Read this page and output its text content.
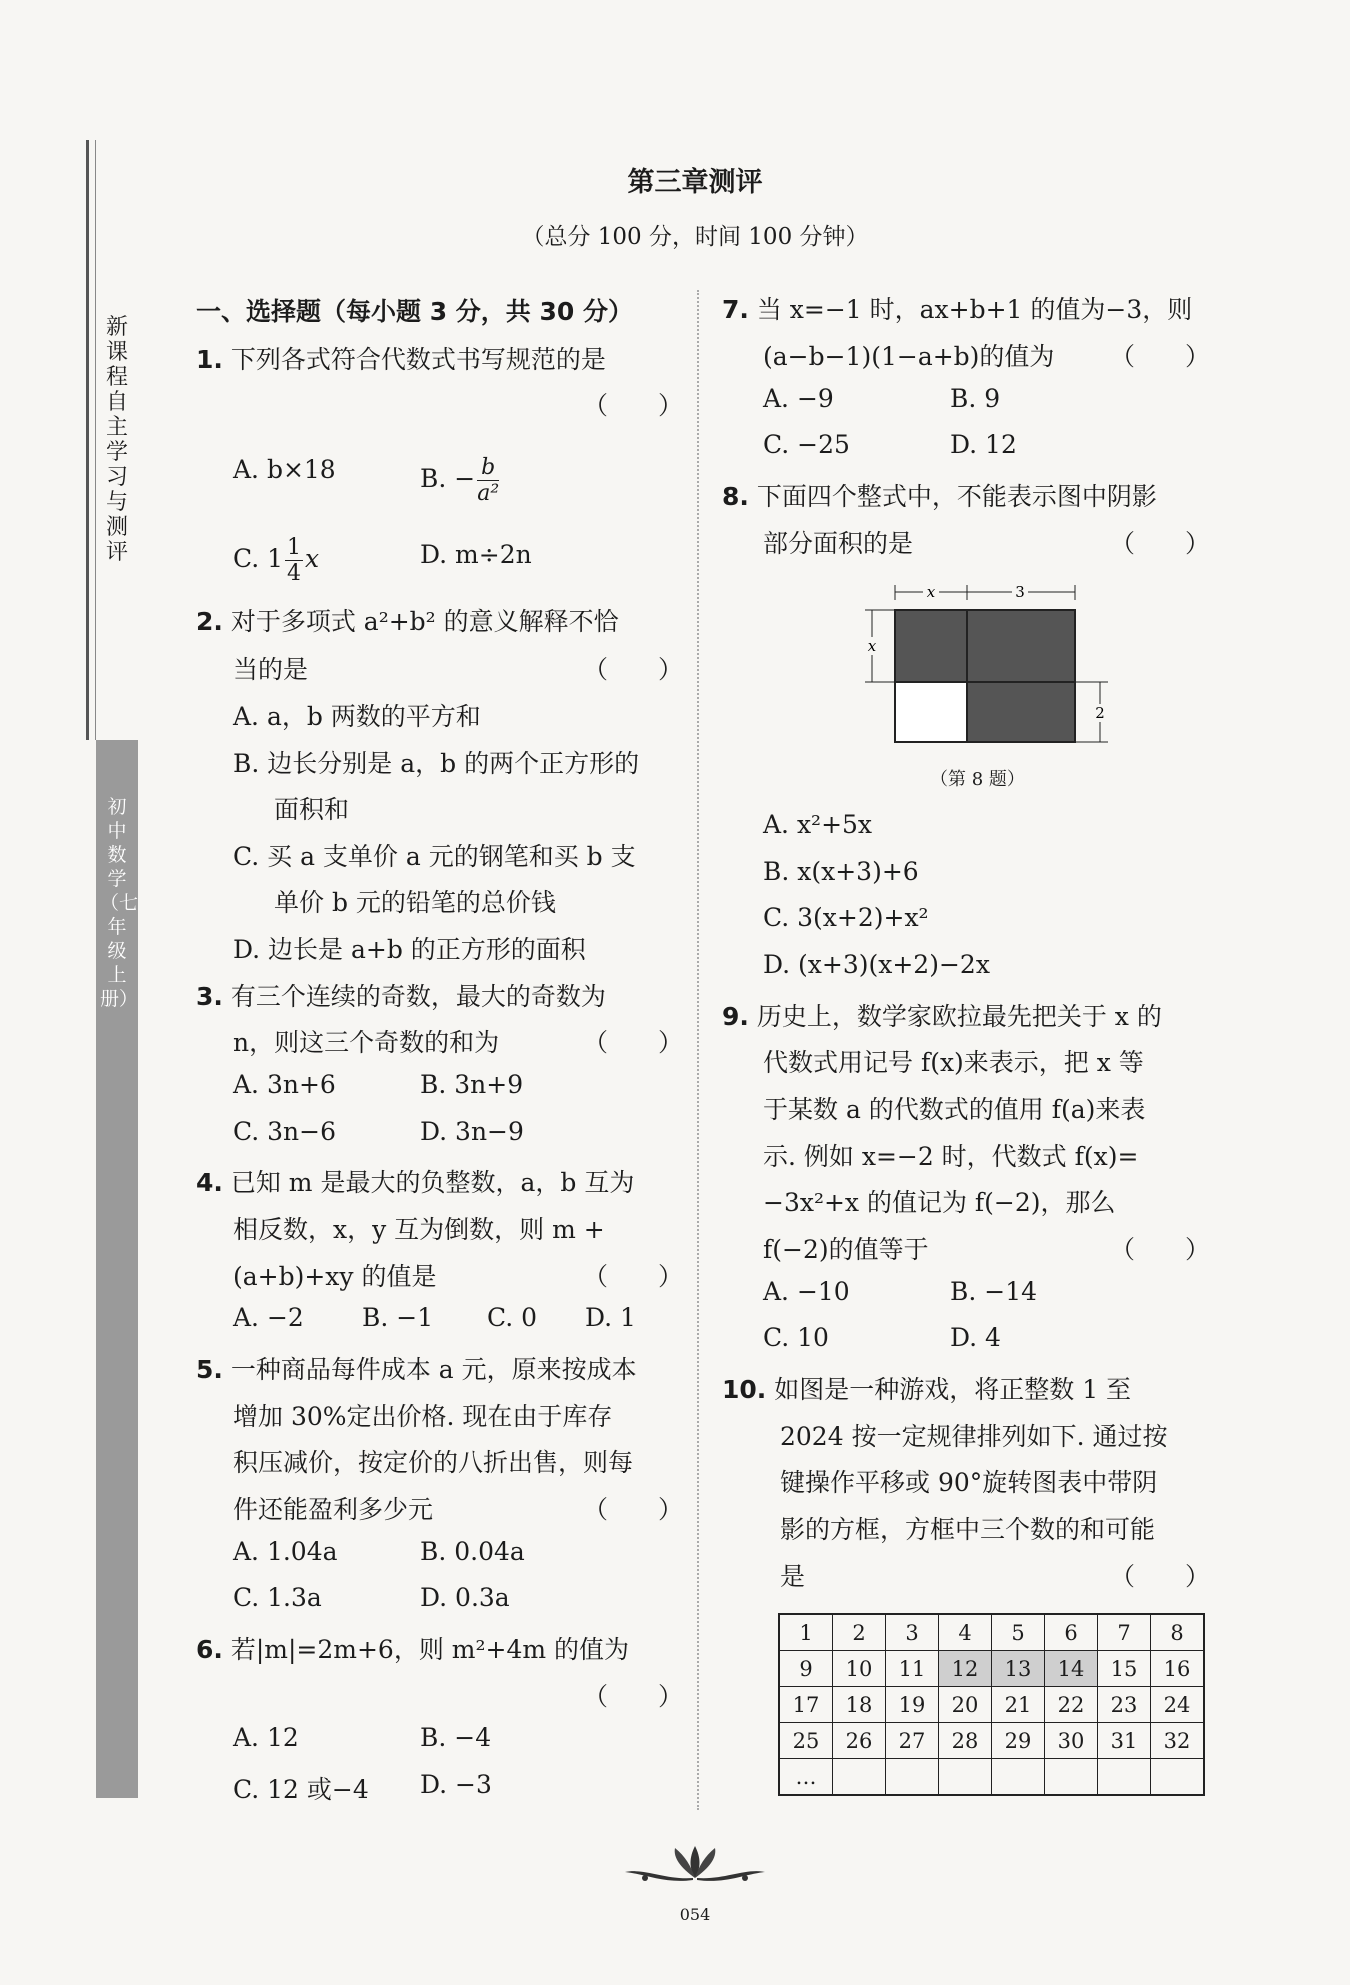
新课程自主学习与测评
初中数学（七年级上册）
第三章测评
（总分 100 分，时间 100 分钟）
一、选择题（每小题 3 分，共 30 分）
1. 下列各式符合代数式书写规范的是
（　　）
A. b×18	B. − $\frac{b}{\text{a²}}$
C. $1 \frac{1}{4}$ x	D. m÷2n
2. 对于多项式 a²+b² 的意义解释不恰
当的是	（　　）
A. a，b 两数的平方和
B. 边长分别是 a，b 的两个正方形的
面积和
C. 买 a 支单价 a 元的钢笔和买 b 支
单价 b 元的铅笔的总价钱
D. 边长是 a+b 的正方形的面积
3. 有三个连续的奇数，最大的奇数为
n，则这三个奇数的和为	（　　）
A. 3n+6	B. 3n+9
C. 3n−6	D. 3n−9
4. 已知 m 是最大的负整数，a，b 互为
相反数，x，y 互为倒数，则 m +
(a+b)+xy 的值是	（　　）
A. −2 B. −1 C. 0 D. 1
5. 一种商品每件成本 a 元，原来按成本
增加 30%定出价格. 现在由于库存
积压减价，按定价的八折出售，则每
件还能盈利多少元	（　　）
A. 1.04a	B. 0.04a
C. 1.3a	D. 0.3a
6. 若|m|=2m+6，则 m²+4m 的值为
（　　）
A. 12	B. −4
C. 12 或−4 D. −3
7. 当 x=−1 时，ax+b+1 的值为−3，则
(a−b−1)(1−a+b)的值为 （　　）
A. −9	B. 9
C. −25	D. 12
8. 下面四个整式中，不能表示图中阴影
部分面积的是	（　　）
x	3
x
2
（第 8 题）
A. x²+5x
B. x(x+3)+6
C. 3(x+2)+x²
D. (x+3)(x+2)−2x
9. 历史上，数学家欧拉最先把关于 x 的
代数式用记号 f(x)来表示，把 x 等
于某数 a 的代数式的值用 f(a)来表
示. 例如 x=−2 时，代数式 f(x)=
−3x²+x 的值记为 f(−2)，那么
f(−2)的值等于	（　　）
A. −10	B. −14
C. 10	D. 4
10. 如图是一种游戏，将正整数 1 至
2024 按一定规律排列如下. 通过按
键操作平移或 90°旋转图表中带阴
影的方框，方框中三个数的和可能
是	（　　）
1	2	3	4	5	6	7	8
9	10	11	12	13	14	15	16
17	18	19	20	21	22	23	24
25	26	27	28	29	30	31	32
…							
054
